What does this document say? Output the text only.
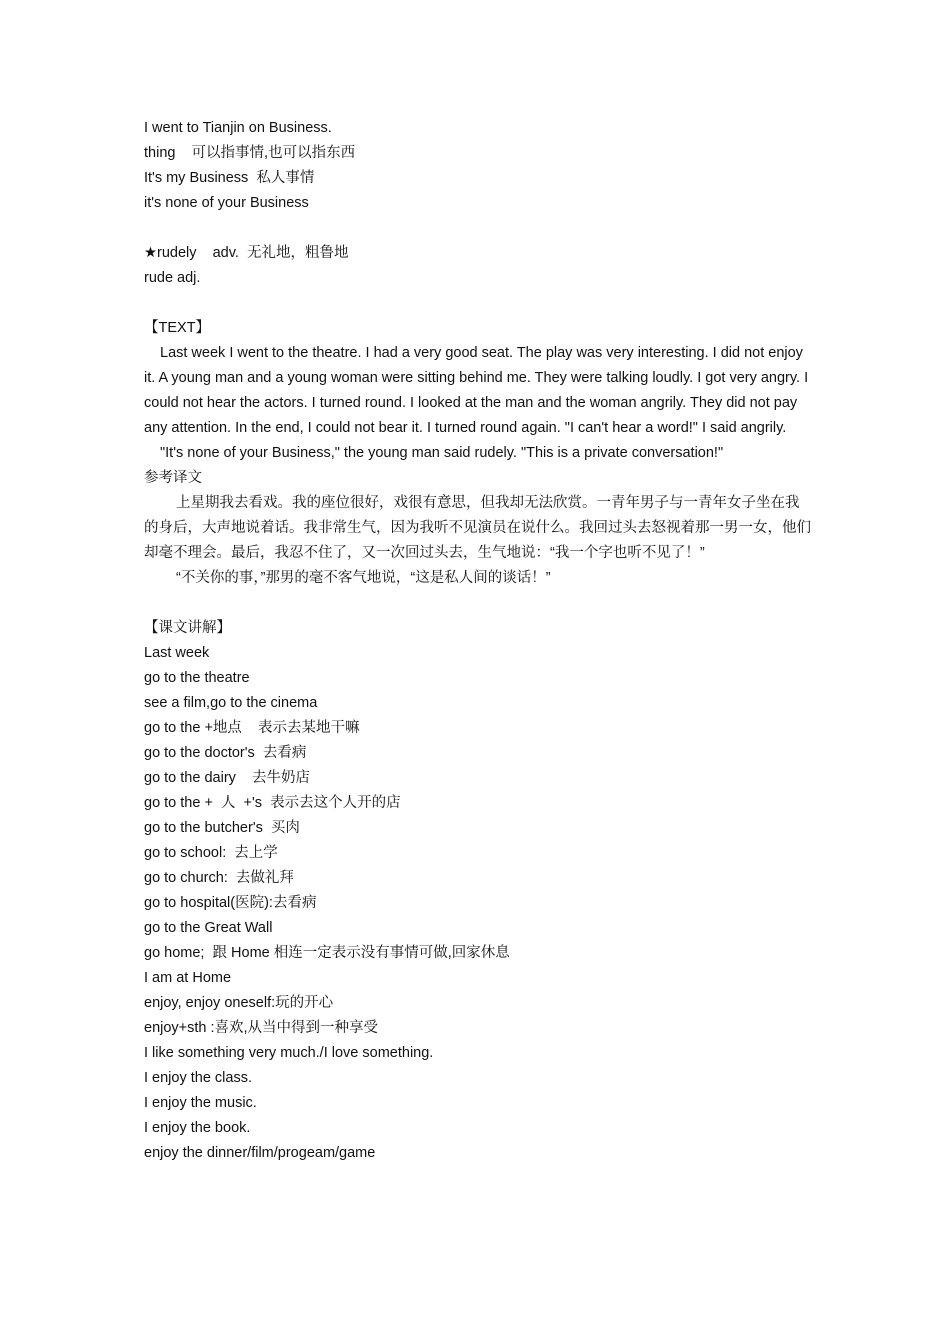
I went to Tianjin on Business.
thing    可以指事情,也可以指东西
It's my Business  私人事情
it's none of your Business
★rudely    adv.  无礼地，粗鲁地
rude adj.
【TEXT】
Last week I went to the theatre. I had a very good seat. The play was very interesting. I did not enjoy it. A young man and a young woman were sitting behind me. They were talking loudly. I got very angry. I could not hear the actors. I turned round. I looked at the man and the woman angrily. They did not pay any attention. In the end, I could not bear it. I turned round again. "I can't hear a word!" I said angrily.
"It's none of your Business," the young man said rudely. "This is a private conversation!"
参考译文
上星期我去看戏。我的座位很好，戏很有意思，但我却无法欣赏。一青年男子与一青年女子坐在我的身后，大声地说着话。我非常生气，因为我听不见演员在说什么。我回过头去怒视着那一男一女，他们却毫不理会。最后，我忍不住了，又一次回过头去，生气地说：“我一个字也听不见了！”
“不关你的事，”那男的毫不客气地说，“这是私人间的谈话！”
【课文讲解】
Last week
go to the theatre
see a film,go to the cinema
go to the +地点    表示去某地干嘛
go to the doctor's  去看病
go to the dairy    去牛奶店
go to the +  人  +'s  表示去这个人开的店
go to the butcher's  买肉
go to school:  去上学
go to church:  去做礼拜
go to hospital(医院):去看病
go to the Great Wall
go home;  跟 Home 相连一定表示没有事情可做,回家休息
I am at Home
enjoy, enjoy oneself:玩的开心
enjoy+sth :喜欢,从当中得到一种享受
I like something very much./I love something.
I enjoy the class.
I enjoy the music.
I enjoy the book.
enjoy the dinner/film/progeam/game
